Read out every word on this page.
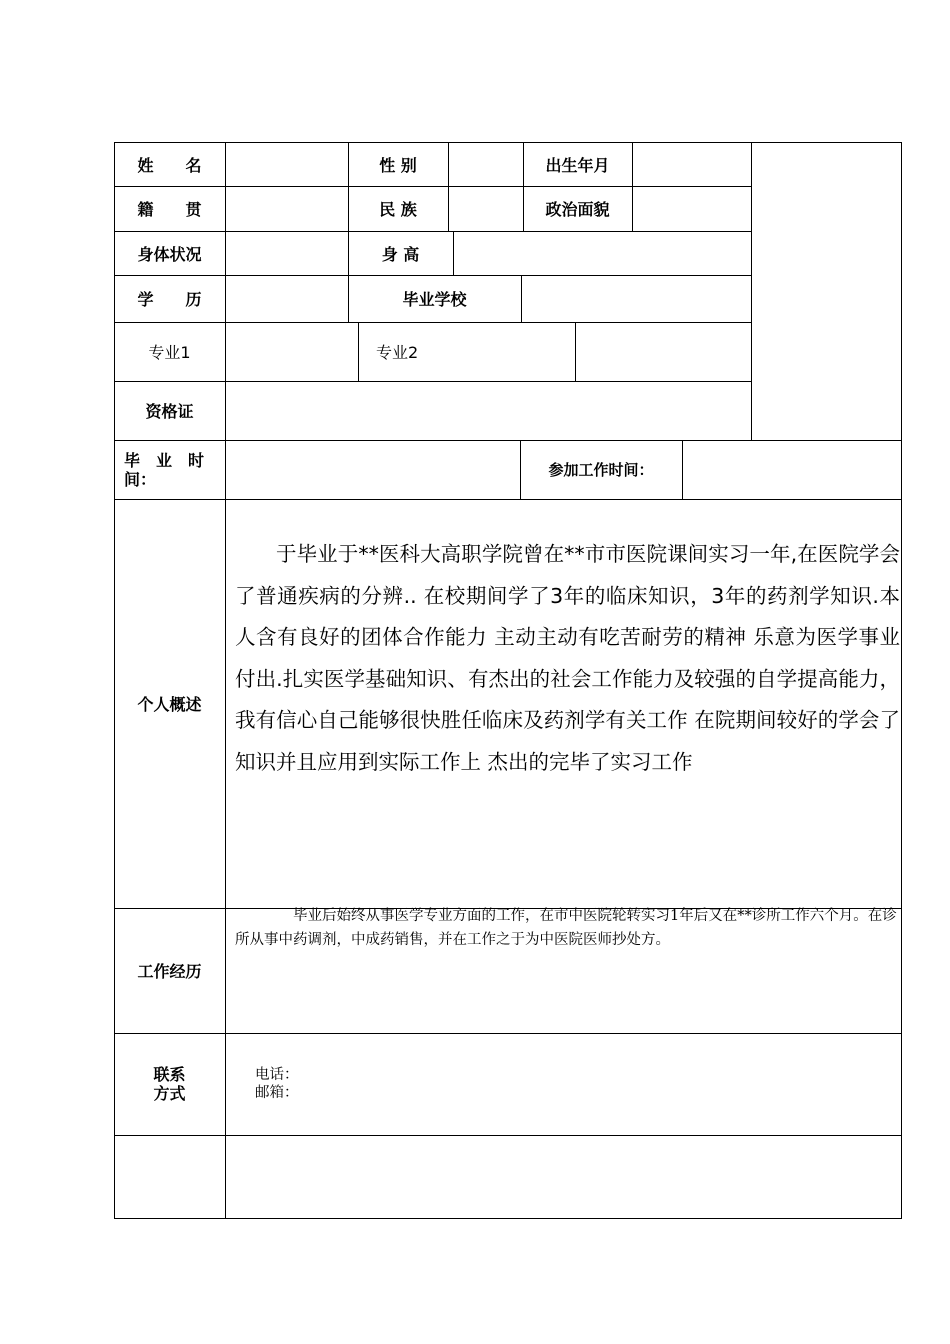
姓　　名	性 别	出生年月
籍　　贯	民 族	政治面貌
身体状况	身 高
学　　历	毕业学校
专业1	专业2
资格证
毕　业　时
间：	参加工作时间：
个人概述
于毕业于**医科大高职学院曾在**市市医院课间实习一年,在医院学会了普通疾病的分辨.. 在校期间学了3年的临床知识，3年的药剂学知识.本人含有良好的团体合作能力 主动主动有吃苦耐劳的精神 乐意为医学事业付出.扎实医学基础知识、有杰出的社会工作能力及较强的自学提高能力，我有信心自己能够很快胜任临床及药剂学有关工作 在院期间较好的学会了知识并且应用到实际工作上 杰出的完毕了实习工作
工作经历
毕业后始终从事医学专业方面的工作，在市中医院轮转实习1年后又在**诊所工作六个月。在诊所从事中药调剂，中成药销售，并在工作之于为中医院医师抄处方。
联系
方式
电话：
邮箱：
